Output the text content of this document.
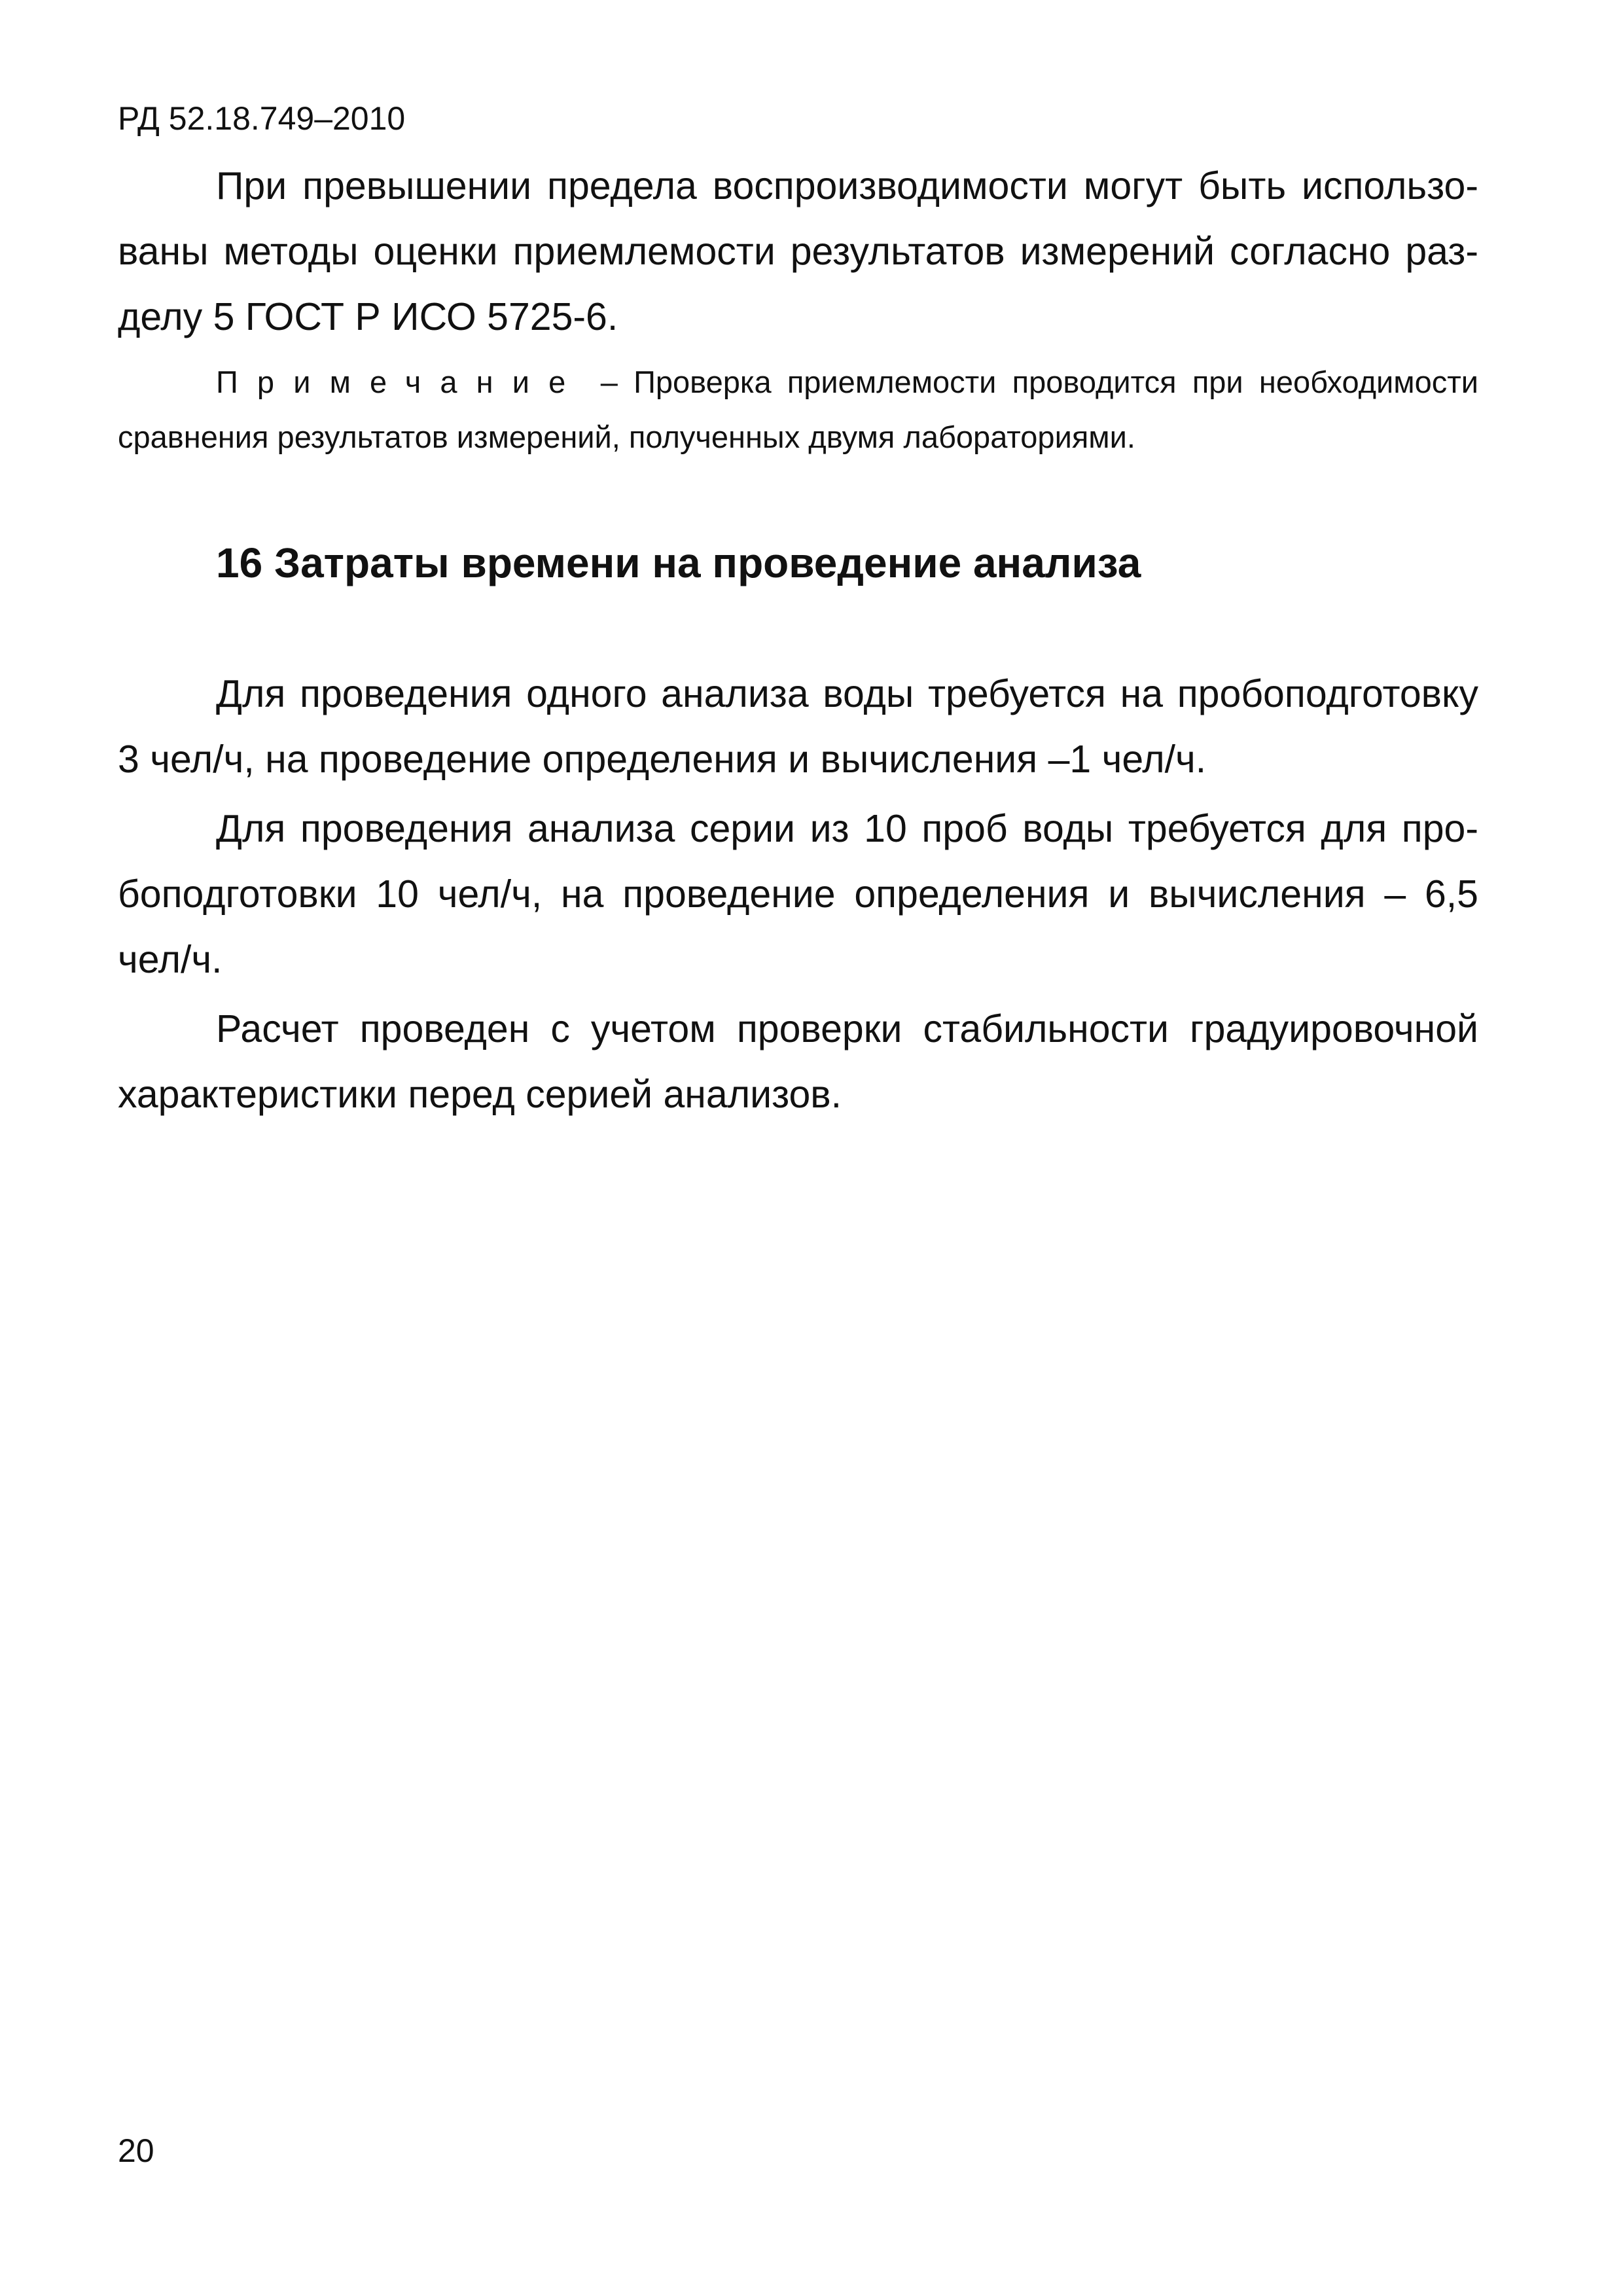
РД 52.18.749–2010

При превышении предела воспроизводимости могут быть использованы методы оценки приемлемости результатов измерений согласно разделу 5 ГОСТ Р ИСО 5725-6.

Примечание – Проверка приемлемости проводится при необходимости сравнения результатов измерений, полученных двумя лабораториями.

16 Затраты времени на проведение анализа

Для проведения одного анализа воды требуется на пробоподготовку 3 чел/ч, на проведение определения и вычисления –1 чел/ч.

Для проведения анализа серии из 10 проб воды требуется для пробоподготовки 10 чел/ч, на проведение определения и вычисления – 6,5 чел/ч.

Расчет проведен с учетом проверки стабильности градуировочной характеристики перед серией анализов.

20
